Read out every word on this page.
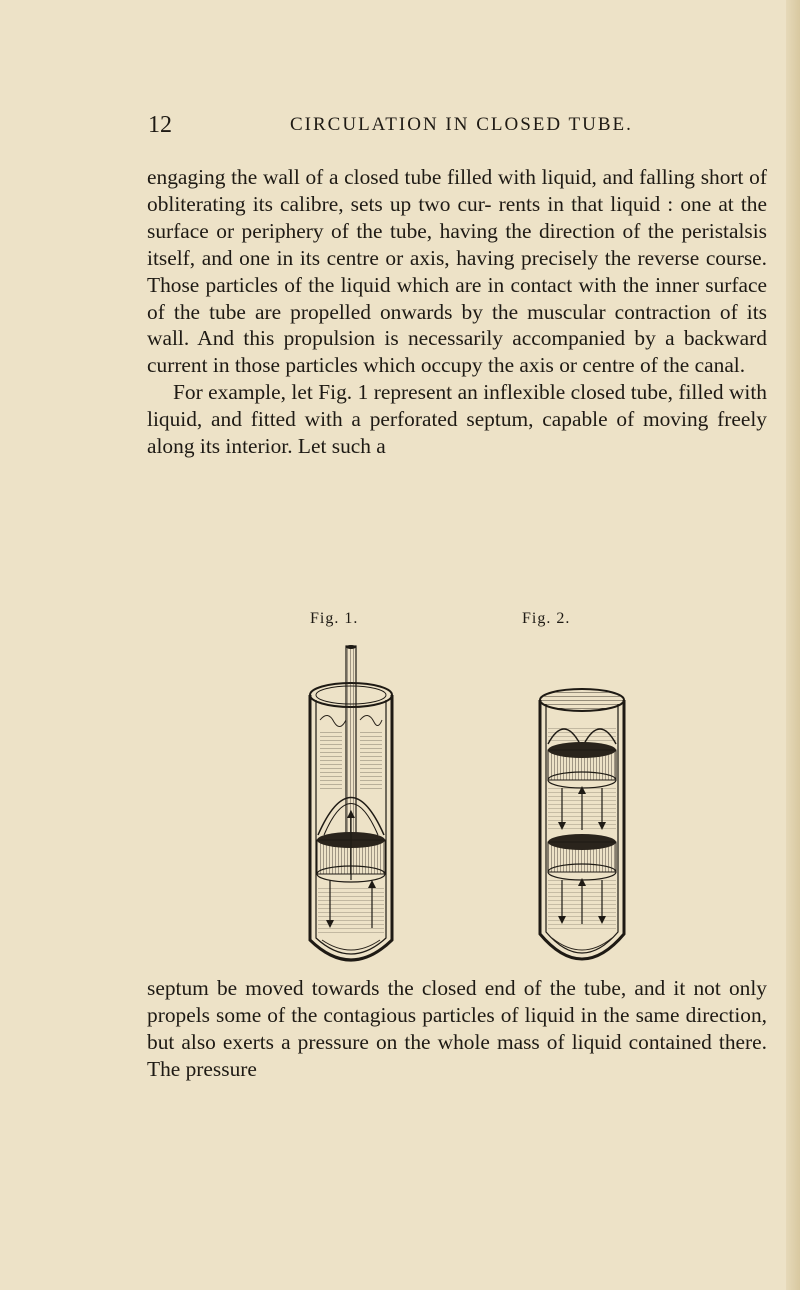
12	CIRCULATION IN CLOSED TUBE.

engaging the wall of a closed tube filled with liquid, and falling short of obliterating its calibre, sets up two cur- rents in that liquid : one at the surface or periphery of the tube, having the direction of the peristalsis itself, and one in its centre or axis, having precisely the reverse course. Those particles of the liquid which are in contact with the inner surface of the tube are propelled onwards by the muscular contraction of its wall. And this propulsion is necessarily accompanied by a backward current in those particles which occupy the axis or centre of the canal.

For example, let Fig. 1 represent an inflexible closed tube, filled with liquid, and fitted with a perforated septum, capable of moving freely along its interior. Let such a

Fig. 1.	Fig. 2.

septum be moved towards the closed end of the tube, and it not only propels some of the contagious particles of liquid in the same direction, but also exerts a pressure on the whole mass of liquid contained there. The pressure
